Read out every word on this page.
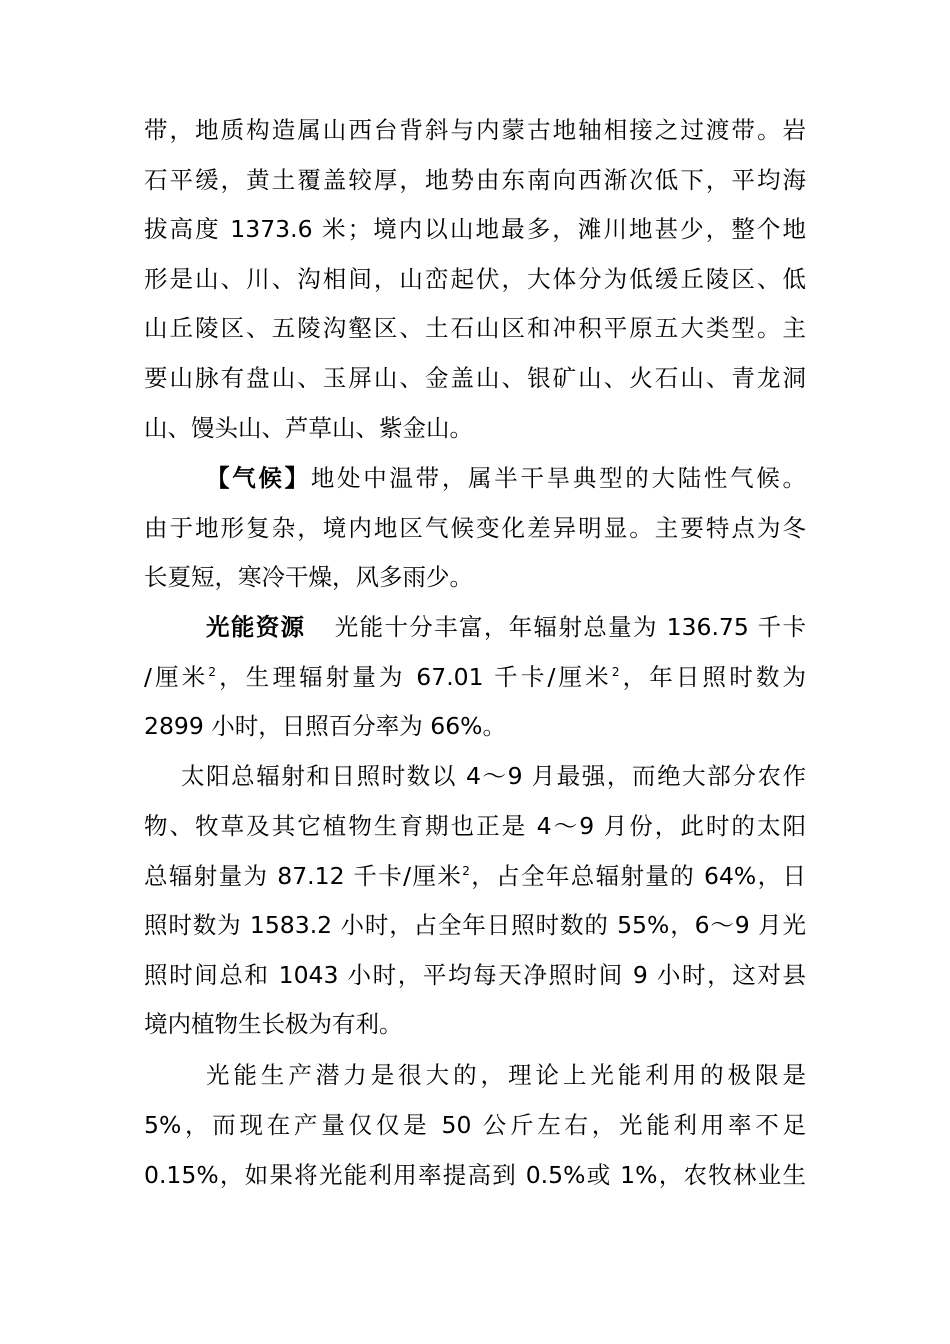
带，地质构造属山西台背斜与内蒙古地轴相接之过渡带。岩
石平缓，黄土覆盖较厚，地势由东南向西渐次低下，平均海
拔高度 1373.6 米；境内以山地最多，滩川地甚少，整个地
形是山、川、沟相间，山峦起伏，大体分为低缓丘陵区、低
山丘陵区、五陵沟壑区、土石山区和冲积平原五大类型。主
要山脉有盘山、玉屏山、金盖山、银矿山、火石山、青龙洞
山、馒头山、芦草山、紫金山。
【气候】地处中温带，属半干旱典型的大陆性气候。
由于地形复杂，境内地区气候变化差异明显。主要特点为冬
长夏短，寒冷干燥，风多雨少。
光能资源 光能十分丰富，年辐射总量为 136.75 千卡
/厘米$^2$，生理辐射量为 67.01 千卡/厘米$^2$，年日照时数为
2899 小时，日照百分率为 66%。
太阳总辐射和日照时数以 4～9 月最强，而绝大部分农作
物、牧草及其它植物生育期也正是 4～9 月份，此时的太阳
总辐射量为 87.12 千卡/厘米$^2$，占全年总辐射量的 64%，日
照时数为 1583.2 小时，占全年日照时数的 55%，6～9 月光
照时间总和 1043 小时，平均每天净照时间 9 小时，这对县
境内植物生长极为有利。
光能生产潜力是很大的，理论上光能利用的极限是
5%，而现在产量仅仅是 50 公斤左右，光能利用率不足
0.15%，如果将光能利用率提高到 0.5%或 1%，农牧林业生
